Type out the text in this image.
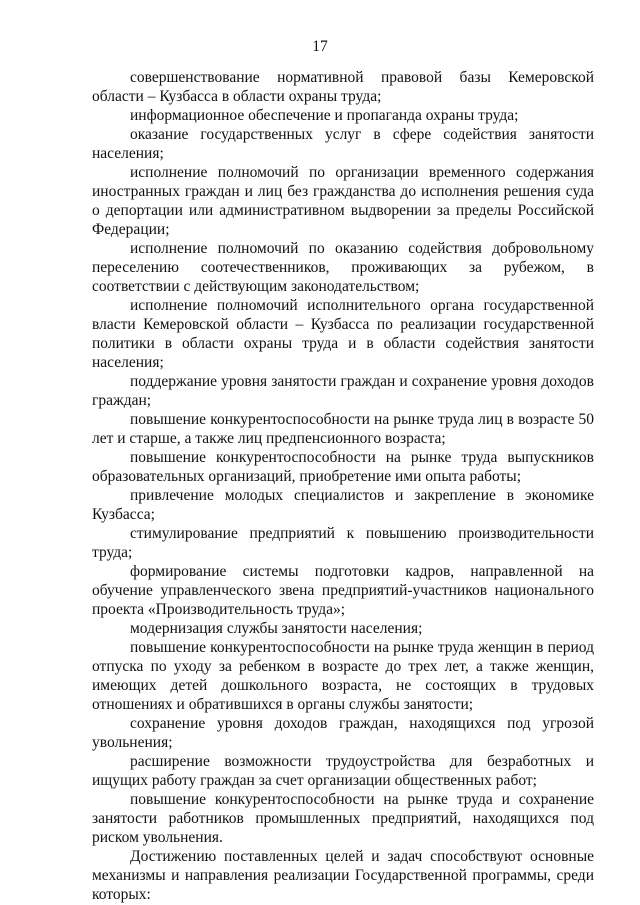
17

совершенствование нормативной правовой базы Кемеровской области – Кузбасса в области охраны труда;

информационное обеспечение и пропаганда охраны труда;

оказание государственных услуг в сфере содействия занятости населения;

исполнение полномочий по организации временного содержания иностранных граждан и лиц без гражданства до исполнения решения суда о депортации или административном выдворении за пределы Российской Федерации;

исполнение полномочий по оказанию содействия добровольному переселению соотечественников, проживающих за рубежом, в соответствии с действующим законодательством;

исполнение полномочий исполнительного органа государственной власти Кемеровской области – Кузбасса по реализации государственной политики в области охраны труда и в области содействия занятости населения;

поддержание уровня занятости граждан и сохранение уровня доходов граждан;

повышение конкурентоспособности на рынке труда лиц в возрасте 50 лет и старше, а также лиц предпенсионного возраста;

повышение конкурентоспособности на рынке труда выпускников образовательных организаций, приобретение ими опыта работы;

привлечение молодых специалистов и закрепление в экономике Кузбасса;

стимулирование предприятий к повышению производительности труда;

формирование системы подготовки кадров, направленной на обучение управленческого звена предприятий-участников национального проекта «Производительность труда»;

модернизация службы занятости населения;

повышение конкурентоспособности на рынке труда женщин в период отпуска по уходу за ребенком в возрасте до трех лет, а также женщин, имеющих детей дошкольного возраста, не состоящих в трудовых отношениях и обратившихся в органы службы занятости;

сохранение уровня доходов граждан, находящихся под угрозой увольнения;

расширение возможности трудоустройства для безработных и ищущих работу граждан за счет организации общественных работ;

повышение конкурентоспособности на рынке труда и сохранение занятости работников промышленных предприятий, находящихся под риском увольнения.

Достижению поставленных целей и задач способствуют основные механизмы и направления реализации Государственной программы, среди которых:
